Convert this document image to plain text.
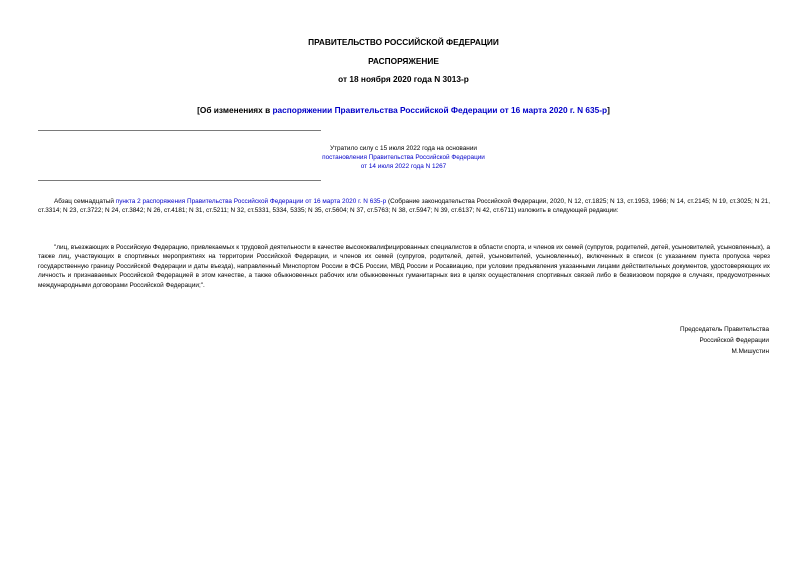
ПРАВИТЕЛЬСТВО РОССИЙСКОЙ ФЕДЕРАЦИИ
РАСПОРЯЖЕНИЕ
от 18 ноября 2020 года N 3013-р
[Об изменениях в распоряжении Правительства Российской Федерации от 16 марта 2020 г. N 635-р]
Утратило силу с 15 июля 2022 года на основании
постановления Правительства Российской Федерации
от 14 июля 2022 года N 1267

Абзац семнадцатый пункта 2 распоряжения Правительства Российской Федерации от 16 марта 2020 г. N 635-р (Собрание законодательства Российской Федерации, 2020, N 12, ст.1825; N 13, ст.1953, 1966; N 14, ст.2145; N 19, ст.3025; N 21, ст.3314; N 23, ст.3722; N 24, ст.3842; N 26, ст.4181; N 31, ст.5211; N 32, ст.5331, 5334, 5335; N 35, ст.5604; N 37, ст.5763; N 38, ст.5947; N 39, ст.6137; N 42, ст.6711) изложить в следующей редакции:

"лиц, въезжающих в Российскую Федерацию, привлекаемых к трудовой деятельности в качестве высококвалифицированных специалистов в области спорта, и членов их семей (супругов, родителей, детей, усыновителей, усыновленных), а также лиц, участвующих в спортивных мероприятиях на территории Российской Федерации, и членов их семей (супругов, родителей, детей, усыновителей, усыновленных), включенных в список (с указанием пункта пропуска через государственную границу Российской Федерации и даты въезда), направленный Минспортом России в ФСБ России, МВД России и Росавиацию, при условии предъявления указанными лицами действительных документов, удостоверяющих их личность и признаваемых Российской Федерацией в этом качестве, а также обыкновенных рабочих или обыкновенных гуманитарных виз в целях осуществления спортивных связей либо в безвизовом порядке в случаях, предусмотренных международными договорами Российской Федерации;".

Председатель Правительства
Российской Федерации
М.Мишустин
